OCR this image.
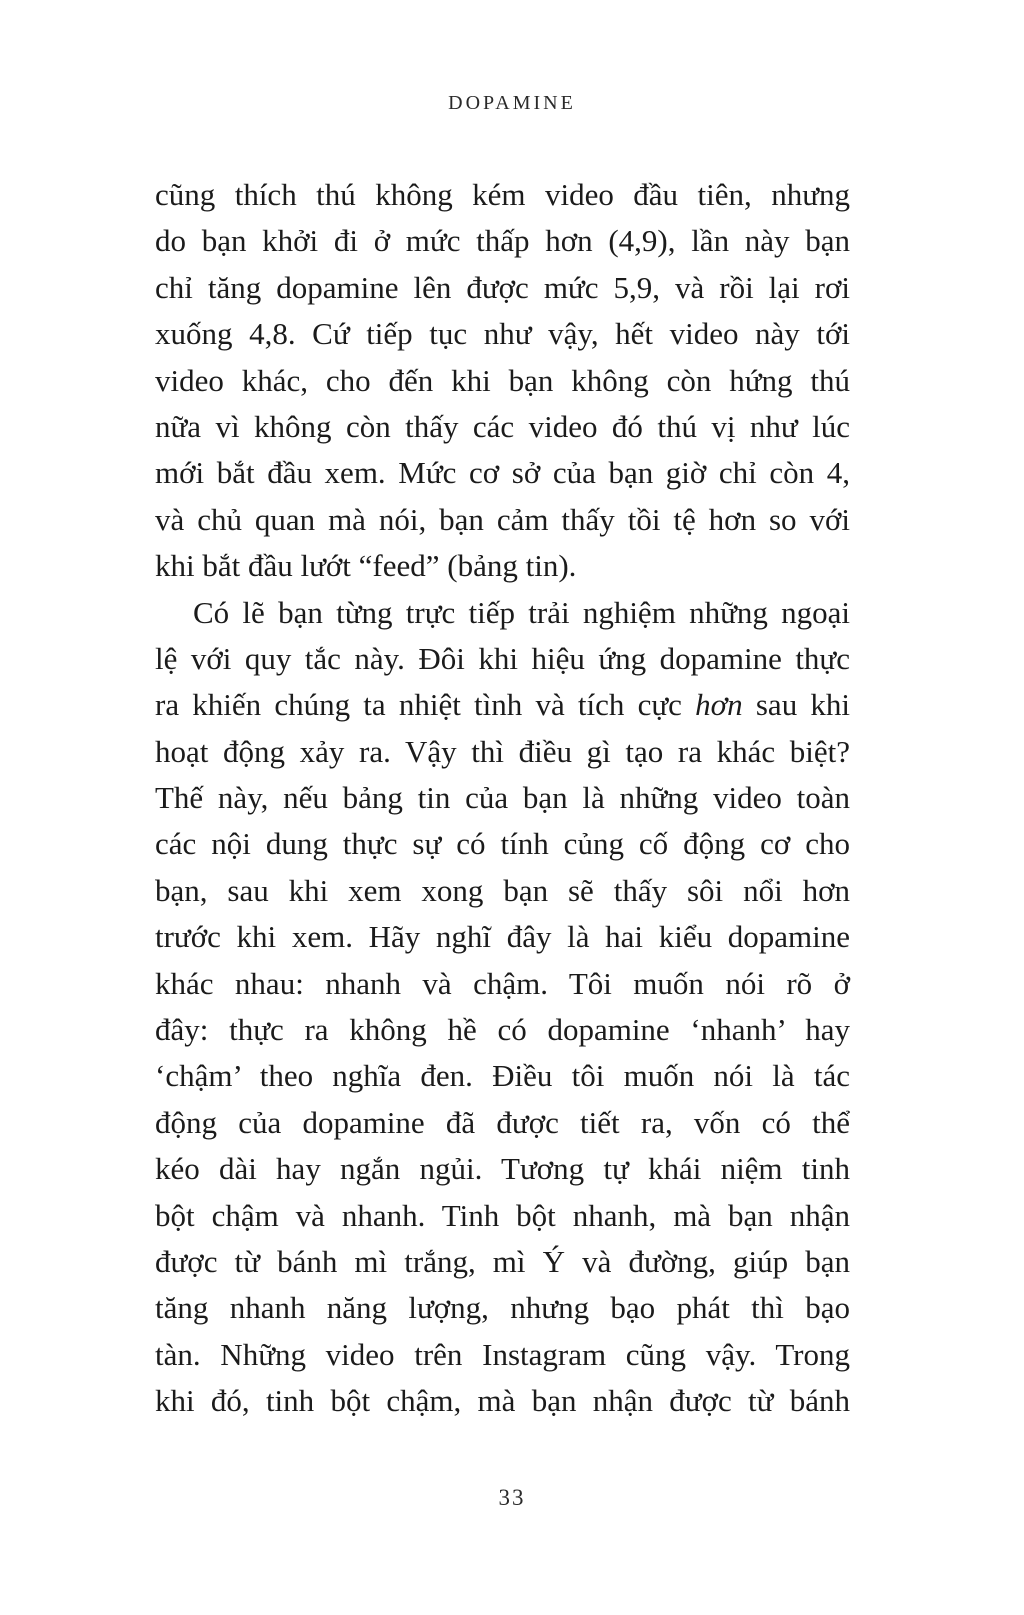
DOPAMINE
cũng thích thú không kém video đầu tiên, nhưng
do bạn khởi đi ở mức thấp hơn (4,9), lần này bạn
chỉ tăng dopamine lên được mức 5,9, và rồi lại rơi
xuống 4,8. Cứ tiếp tục như vậy, hết video này tới
video khác, cho đến khi bạn không còn hứng thú
nữa vì không còn thấy các video đó thú vị như lúc
mới bắt đầu xem. Mức cơ sở của bạn giờ chỉ còn 4,
và chủ quan mà nói, bạn cảm thấy tồi tệ hơn so với
khi bắt đầu lướt “feed” (bảng tin).
Có lẽ bạn từng trực tiếp trải nghiệm những ngoại
lệ với quy tắc này. Đôi khi hiệu ứng dopamine thực
ra khiến chúng ta nhiệt tình và tích cực hơn sau khi
hoạt động xảy ra. Vậy thì điều gì tạo ra khác biệt?
Thế này, nếu bảng tin của bạn là những video toàn
các nội dung thực sự có tính củng cố động cơ cho
bạn, sau khi xem xong bạn sẽ thấy sôi nổi hơn
trước khi xem. Hãy nghĩ đây là hai kiểu dopamine
khác nhau: nhanh và chậm. Tôi muốn nói rõ ở
đây: thực ra không hề có dopamine ‘nhanh’ hay
‘chậm’ theo nghĩa đen. Điều tôi muốn nói là tác
động của dopamine đã được tiết ra, vốn có thể
kéo dài hay ngắn ngủi. Tương tự khái niệm tinh
bột chậm và nhanh. Tinh bột nhanh, mà bạn nhận
được từ bánh mì trắng, mì Ý và đường, giúp bạn
tăng nhanh năng lượng, nhưng bạo phát thì bạo
tàn. Những video trên Instagram cũng vậy. Trong
khi đó, tinh bột chậm, mà bạn nhận được từ bánh
33
